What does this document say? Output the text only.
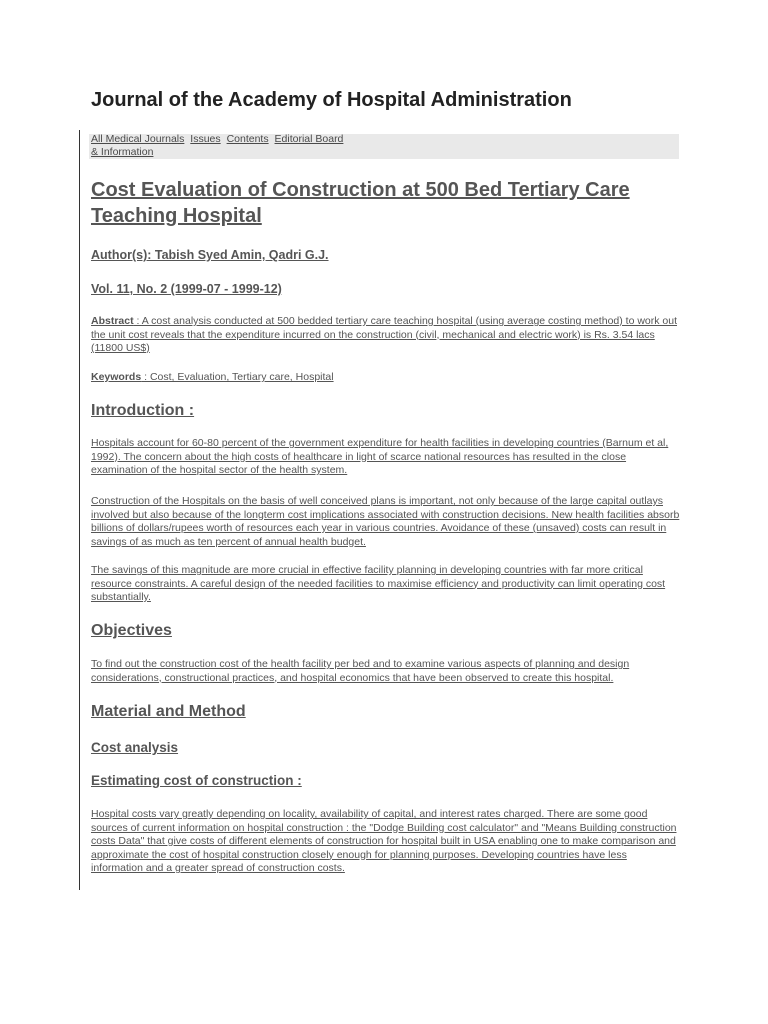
Journal of the Academy of Hospital Administration
All Medical Journals Issues Contents Editorial Board
& Information
Cost Evaluation of Construction at 500 Bed Tertiary Care Teaching Hospital

Author(s): Tabish Syed Amin, Qadri G.J.

Vol. 11, No. 2 (1999-07 - 1999-12)

Abstract : A cost analysis conducted at 500 bedded tertiary care teaching hospital (using average costing method) to work out the unit cost reveals that the expenditure incurred on the construction (civil, mechanical and electric work) is Rs. 3.54 lacs (11800 US$)

Keywords : Cost, Evaluation, Tertiary care, Hospital

Introduction :

Hospitals account for 60-80 percent of the government expenditure for health facilities in developing countries (Barnum et al, 1992). The concern about the high costs of healthcare in light of scarce national resources has resulted in the close examination of the hospital sector of the health system.

Construction of the Hospitals on the basis of well conceived plans is important, not only because of the large capital outlays involved but also because of the longterm cost implications associated with construction decisions. New health facilities absorb billions of dollars/rupees worth of resources each year in various countries. Avoidance of these (unsaved) costs can result in savings of as much as ten percent of annual health budget.

The savings of this magnitude are more crucial in effective facility planning in developing countries with far more critical resource constraints. A careful design of the needed facilities to maximise efficiency and productivity can limit operating cost substantially.

Objectives

To find out the construction cost of the health facility per bed and to examine various aspects of planning and design considerations, constructional practices, and hospital economics that have been observed to create this hospital.

Material and Method
Cost analysis
Estimating cost of construction :

Hospital costs vary greatly depending on locality, availability of capital, and interest rates charged. There are some good sources of current information on hospital construction : the "Dodge Building cost calculator" and "Means Building construction costs Data" that give costs of different elements of construction for hospital built in USA enabling one to make comparison and approximate the cost of hospital construction closely enough for planning purposes. Developing countries have less information and a greater spread of construction costs.
